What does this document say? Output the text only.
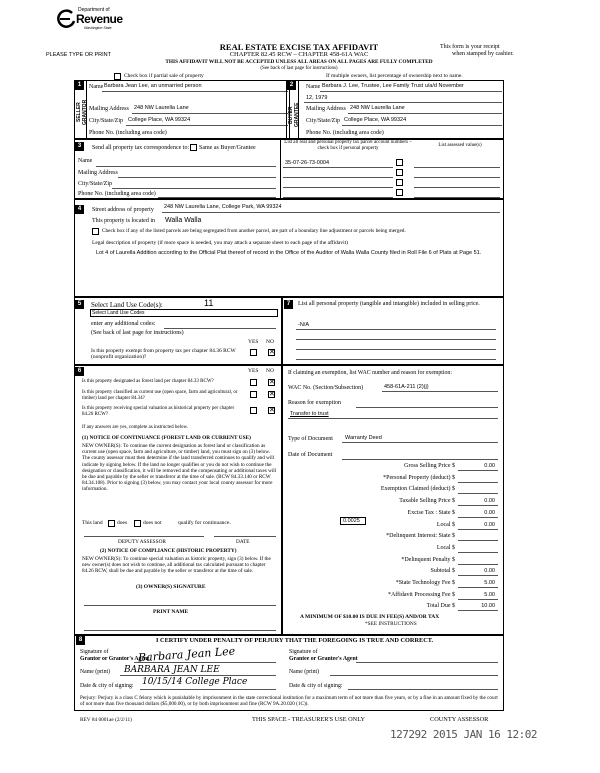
Department of
Revenue
Washington State
PLEASE TYPE OR PRINT
REAL ESTATE EXCISE TAX AFFIDAVIT
CHAPTER 82.45 RCW – CHAPTER 458-61A WAC
THIS AFFIDAVIT WILL NOT BE ACCEPTED UNLESS ALL AREAS ON ALL PAGES ARE FULLY COMPLETED
(See back of last page for instructions)
This form is your receipt
when stamped by cashier.
Check box if partial sale of property	If multiple owners, list percentage of ownership next to name.
1
SELLER GRANTOR
Name Barbara Jean Lee, an unmarried person
Mailing Address 248 NW Laurella Lane
City/State/Zip College Place, WA 99324
Phone No. (including area code)
2
BUYER GRANTEE
Name Barbara J. Lee, Trustee, Lee Family Trust u/a/d November
12, 1979
Mailing Address 248 NW Laurella Lane
City/State/Zip College Place, WA 99324
Phone No. (including area code)
3	Send all property tax correspondence to: Same as Buyer/Grantee
Name
Mailing Address
City/State/Zip
Phone No. (including area code)
List all real and personal property tax parcel account numbers – check box if personal property
List assessed value(s)
35-07-26-73-0004
4	Street address of property 248 NW Laurella Lane, College Park, WA 99324
This property is located in Walla Walla
Check box if any of the listed parcels are being segregated from another parcel, are part of a boundary line adjustment or parcels being merged.
Legal description of property (if more space is needed, you may attach a separate sheet to each page of the affidavit)
Lot 4 of Laurella Addition according to the Official Plat thereof of record in the Office of the Auditor of Walla Walla County filed in Roll File 6 of Plats at Page 51.
5	Select Land Use Code(s):	11
Select Land Use Codes
enter any additional codes:
(See back of last page for instructions)
YES NO
Is this property exempt from property tax per chapter 84.36 RCW (nonprofit organization)?
✕
6	YES NO
Is this property designated as forest land per chapter 84.33 RCW?	✕
Is this property classified as current use (open space, farm and agricultural, or timber) land per chapter 84.34?
✕
Is this property receiving special valuation as historical property per chapter 84.26 RCW?
✕
If any answers are yes, complete as instructed below.
(1) NOTICE OF CONTINUANCE (FOREST LAND OR CURRENT USE)
NEW OWNER(S): To continue the current designation as forest land or classification as current use (open space, farm and agriculture, or timber) land, you must sign on (3) below. The county assessor must then determine if the land transferred continues to qualify and will indicate by signing below. If the land no longer qualifies or you do not wish to continue the designation or classification, it will be removed and the compensating or additional taxes will be due and payable by the seller or transferor at the time of sale. (RCW 84.33.140 or RCW 84.34.108). Prior to signing (3) below, you may contact your local county assessor for more information.
This land	does	does not	qualify for continuance.
DEPUTY ASSESSOR	DATE
(2) NOTICE OF COMPLIANCE (HISTORIC PROPERTY)
NEW OWNER(S): To continue special valuation as historic property, sign (3) below. If the new owner(s) does not wish to continue, all additional tax calculated pursuant to chapter 84.26 RCW, shall be due and payable by the seller or transferor at the time of sale.
(3) OWNER(S) SIGNATURE
PRINT NAME
7	List all personal property (tangible and intangible) included in selling price.
-N/A
If claiming an exemption, list WAC number and reason for exemption:
WAC No. (Section/Subsection)	458-61A-211 (2)(j)
Reason for exemption
Transfer to trust
Type of Document Warranty Deed
Date of Document
Gross Selling Price $	0.00
*Personal Property (deduct) $
Exemption Claimed (deduct) $
Taxable Selling Price $	0.00
Excise Tax : State $	0.00
Local $	0.00
*Delinquent Interest: State $
Local $
*Delinquent Penalty $
Subtotal $	0.00
*State Technology Fee $	5.00
*Affidavit Processing Fee $	5.00
Total Due $	10.00
0.0025
A MINIMUM OF $10.00 IS DUE IN FEE(S) AND/OR TAX
*SEE INSTRUCTIONS
8	I CERTIFY UNDER PENALTY OF PERJURY THAT THE FOREGOING IS TRUE AND CORRECT.
Signature of
Grantor or Grantor's Agent
Barbara Jean Lee
Name (print) BARBARA JEAN LEE
Date & city of signing: 10/15/14 College Place
Signature of
Grantee or Grantee's Agent
Name (print)
Date & city of signing:
Perjury: Perjury is a class C felony which is punishable by imprisonment in the state correctional institution for a maximum term of not more than five years, or by a fine in an amount fixed by the court of not more than five thousand dollars ($5,000.00), or by both imprisonment and fine (RCW 9A.20.020 (1C)).
REV 84 0001ae (2/2/11)	THIS SPACE - TREASURER'S USE ONLY	COUNTY ASSESSOR
127292 2015 JAN 16 12:02
